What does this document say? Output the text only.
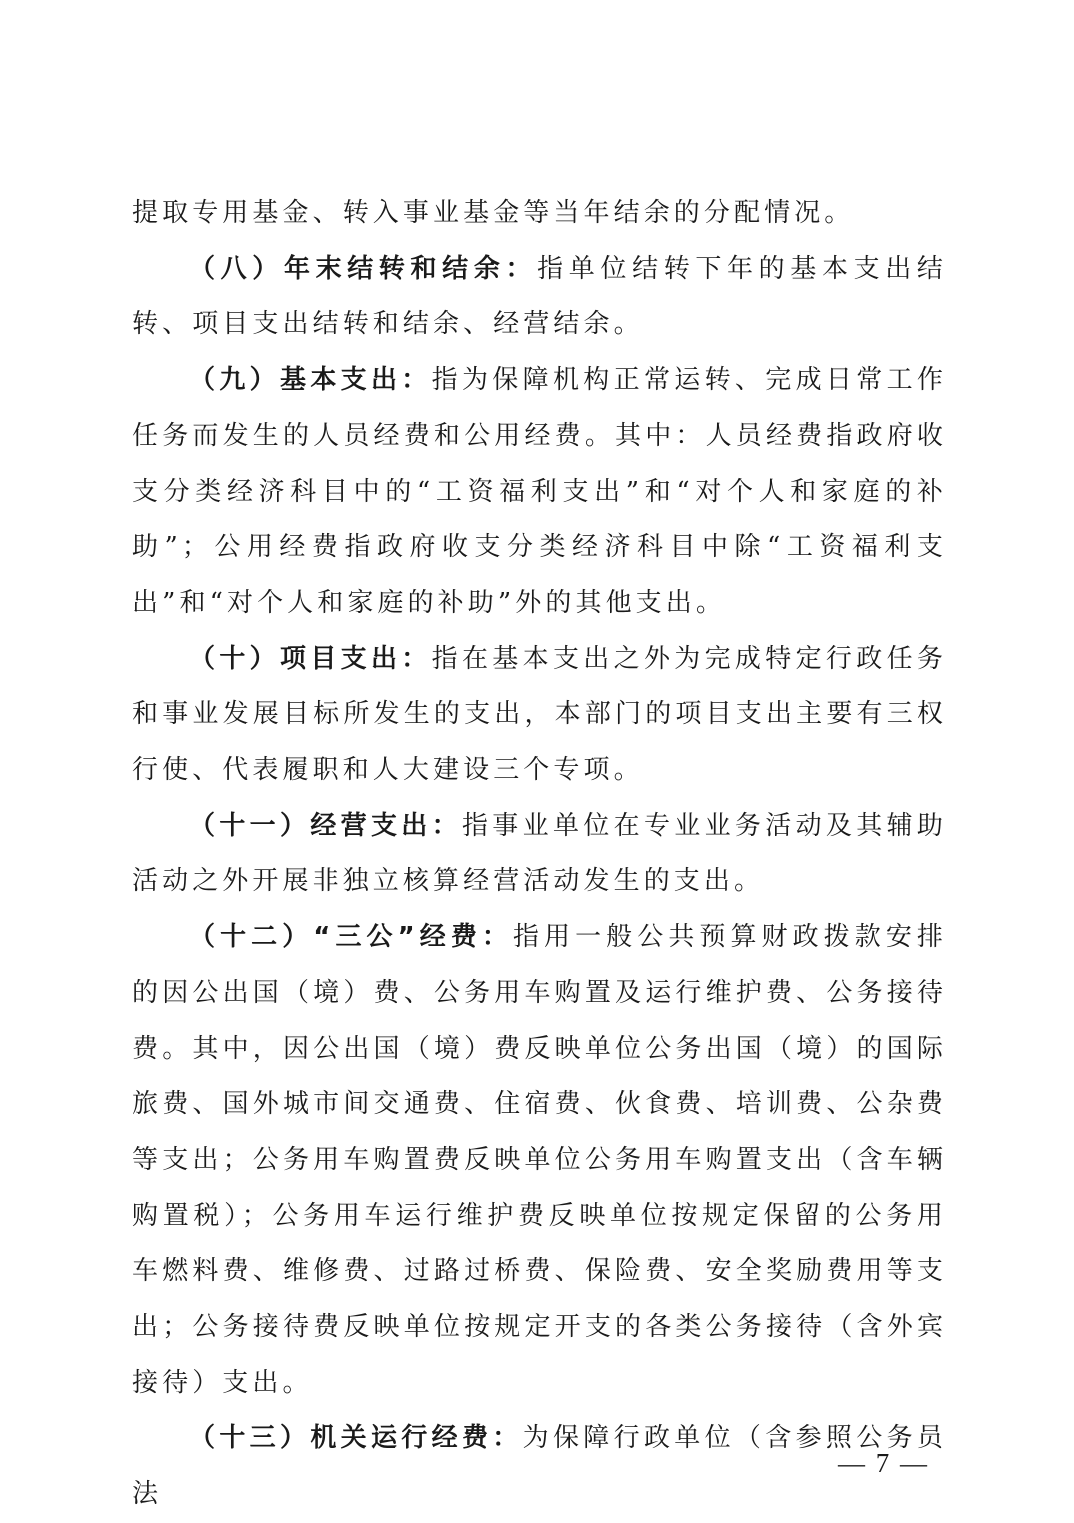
提取专用基金、转入事业基金等当年结余的分配情况。

（八）年末结转和结余：指单位结转下年的基本支出结转、项目支出结转和结余、经营结余。

（九）基本支出：指为保障机构正常运转、完成日常工作任务而发生的人员经费和公用经费。其中：人员经费指政府收支分类经济科目中的“工资福利支出”和“对个人和家庭的补助”；公用经费指政府收支分类经济科目中除“工资福利支出”和“对个人和家庭的补助”外的其他支出。

（十）项目支出：指在基本支出之外为完成特定行政任务和事业发展目标所发生的支出，本部门的项目支出主要有三权行使、代表履职和人大建设三个专项。

（十一）经营支出：指事业单位在专业业务活动及其辅助活动之外开展非独立核算经营活动发生的支出。

（十二）“三公”经费：指用一般公共预算财政拨款安排的因公出国（境）费、公务用车购置及运行维护费、公务接待费。其中，因公出国（境）费反映单位公务出国（境）的国际旅费、国外城市间交通费、住宿费、伙食费、培训费、公杂费等支出；公务用车购置费反映单位公务用车购置支出（含车辆购置税）；公务用车运行维护费反映单位按规定保留的公务用车燃料费、维修费、过路过桥费、保险费、安全奖励费用等支出；公务接待费反映单位按规定开支的各类公务接待（含外宾接待）支出。

（十三）机关运行经费：为保障行政单位（含参照公务员法

— 7 —
